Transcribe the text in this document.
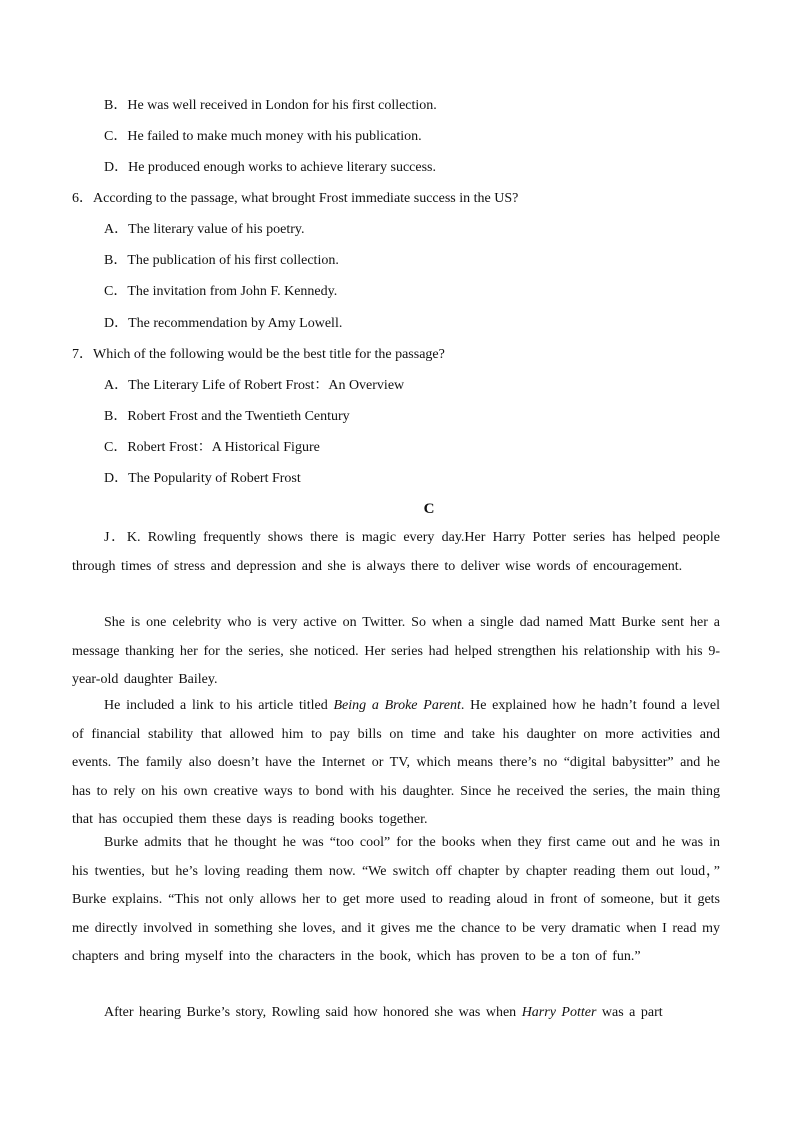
B．He was well received in London for his first collection.
C．He failed to make much money with his publication.
D．He produced enough works to achieve literary success.
6．According to the passage, what brought Frost immediate success in the US?
A．The literary value of his poetry.
B．The publication of his first collection.
C．The invitation from John F. Kennedy.
D．The recommendation by Amy Lowell.
7．Which of the following would be the best title for the passage?
A．The Literary Life of Robert Frost：An Overview
B．Robert Frost and the Twentieth Century
C．Robert Frost：A Historical Figure
D．The Popularity of Robert Frost
C
J．K. Rowling frequently shows there is magic every day.Her Harry Potter series has helped people through times of stress and depression and she is always there to deliver wise words of encouragement.
She is one celebrity who is very active on Twitter. So when a single dad named Matt Burke sent her a message thanking her for the series, she noticed. Her series had helped strengthen his relationship with his 9-year-old daughter Bailey.
He included a link to his article titled Being a Broke Parent. He explained how he hadn’t found a level of financial stability that allowed him to pay bills on time and take his daughter on more activities and events. The family also doesn’t have the Internet or TV, which means there’s no “digital babysitter” and he has to rely on his own creative ways to bond with his daughter. Since he received the series, the main thing that has occupied them these days is reading books together.
Burke admits that he thought he was “too cool” for the books when they first came out and he was in his twenties, but he’s loving reading them now. “We switch off chapter by chapter reading them out loud，” Burke explains. “This not only allows her to get more used to reading aloud in front of someone, but it gets me directly involved in something she loves, and it gives me the chance to be very dramatic when I read my chapters and bring myself into the characters in the book, which has proven to be a ton of fun.”
After hearing Burke’s story, Rowling said how honored she was when Harry Potter was a part
